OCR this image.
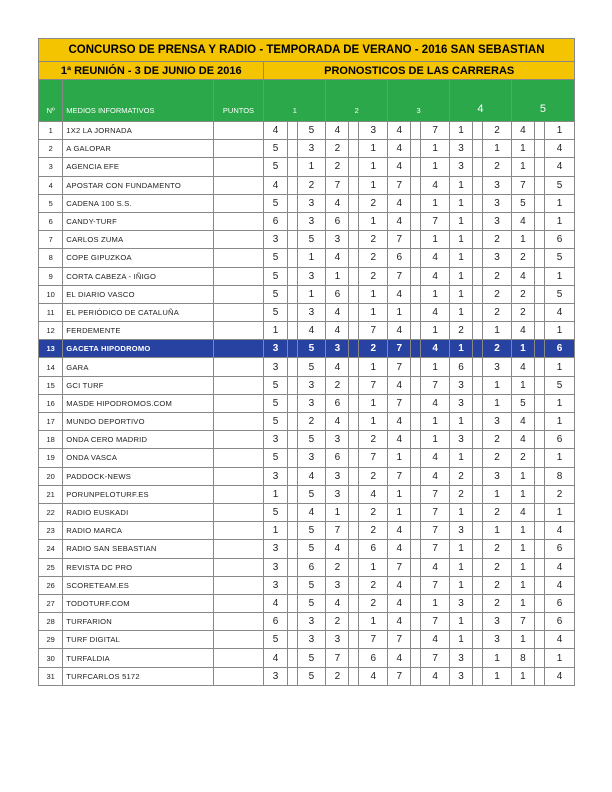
CONCURSO DE PRENSA Y RADIO - TEMPORADA DE VERANO - 2016 SAN SEBASTIAN																	
1ª REUNIÓN - 3 DE JUNIO DE 2016			PRONOSTICOS DE LAS CARRERAS														
Nº	MEDIOS INFORMATIVOS	PUNTOS	1			2			3			4			5		
1	1X2 LA JORNADA		4		5	4		3	4		7	1		2	4		1
2	A GALOPAR		5		3	2		1	4		1	3		1	1		4
3	AGENCIA EFE		5		1	2		1	4		1	3		2	1		4
4	APOSTAR CON FUNDAMENTO		4		2	7		1	7		4	1		3	7		5
5	CADENA 100 S.S.		5		3	4		2	4		1	1		3	5		1
6	CANDY-TURF		6		3	6		1	4		7	1		3	4		1
7	CARLOS ZUMA		3		5	3		2	7		1	1		2	1		6
8	COPE GIPUZKOA		5		1	4		2	6		4	1		3	2		5
9	CORTA CABEZA - IÑIGO		5		3	1		2	7		4	1		2	4		1
10	EL DIARIO VASCO		5		1	6		1	4		1	1		2	2		5
11	EL PERIÓDICO DE CATALUÑA		5		3	4		1	1		4	1		2	2		4
12	FERDEMENTE		1		4	4		7	4		1	2		1	4		1
13	GACETA HIPODROMO		3		5	3		2	7		4	1		2	1		6
14	GARA		3		5	4		1	7		1	6		3	4		1
15	GCI TURF		5		3	2		7	4		7	3		1	1		5
16	MASDE HIPODROMOS.COM		5		3	6		1	7		4	3		1	5		1
17	MUNDO DEPORTIVO		5		2	4		1	4		1	1		3	4		1
18	ONDA CERO MADRID		3		5	3		2	4		1	3		2	4		6
19	ONDA VASCA		5		3	6		7	1		4	1		2	2		1
20	PADDOCK-NEWS		3		4	3		2	7		4	2		3	1		8
21	PORUNPELOTURF.ES		1		5	3		4	1		7	2		1	1		2
22	RADIO EUSKADI		5		4	1		2	1		7	1		2	4		1
23	RADIO MARCA		1		5	7		2	4		7	3		1	1		4
24	RADIO SAN SEBASTIAN		3		5	4		6	4		7	1		2	1		6
25	REVISTA DC PRO		3		6	2		1	7		4	1		2	1		4
26	SCORETEAM.ES		3		5	3		2	4		7	1		2	1		4
27	TODOTURF.COM		4		5	4		2	4		1	3		2	1		6
28	TURFARION		6		3	2		1	4		7	1		3	7		6
29	TURF DIGITAL		5		3	3		7	7		4	1		3	1		4
30	TURFALDIA		4		5	7		6	4		7	3		1	8		1
31	TURFCARLOS 5172		3		5	2		4	7		4	3		1	1		4
